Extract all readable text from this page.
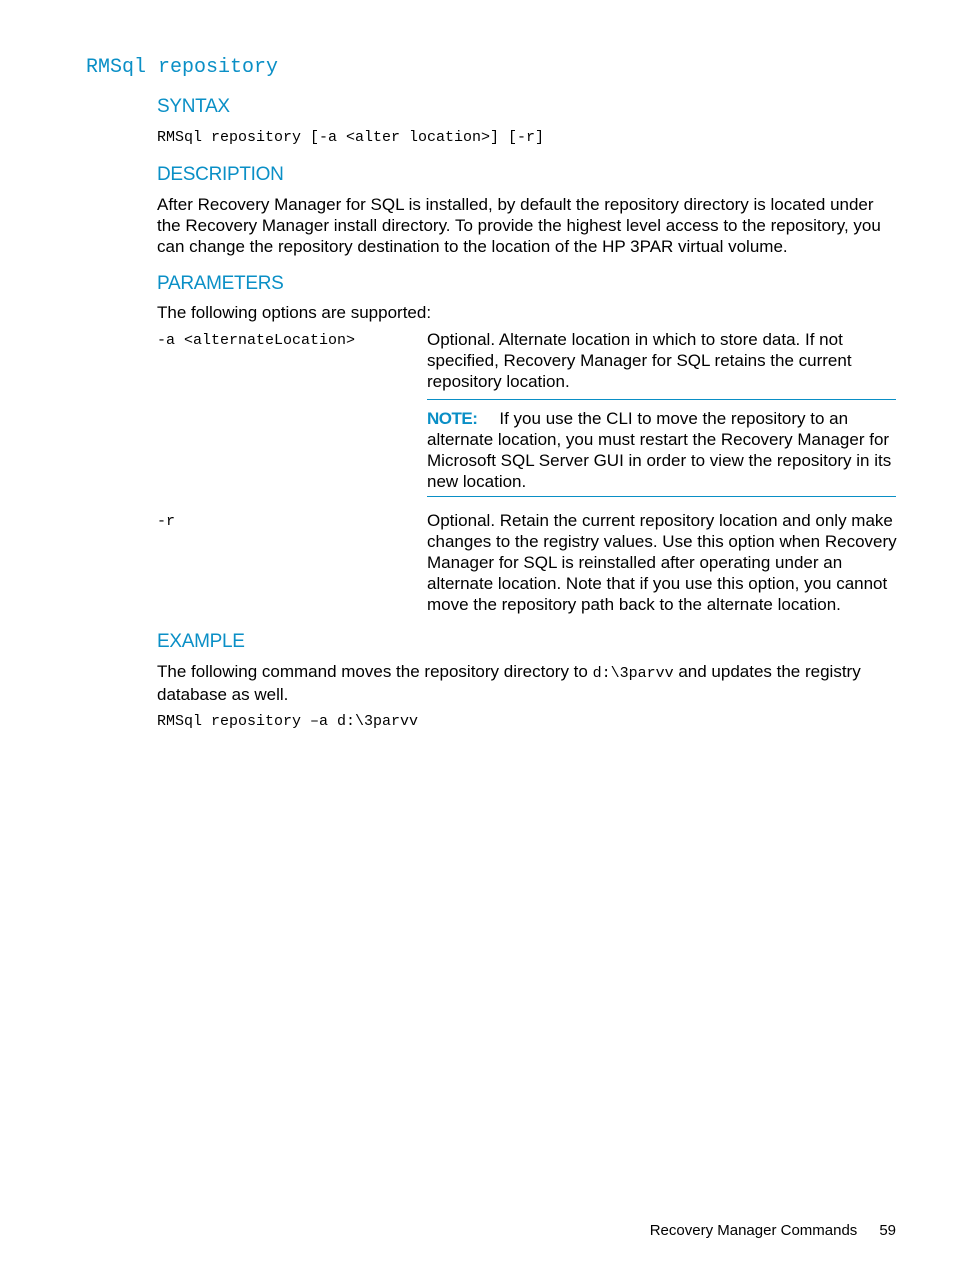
RMSql repository
SYNTAX
RMSql repository [-a <alter location>] [-r]
DESCRIPTION
After Recovery Manager for SQL is installed, by default the repository directory is located under
the Recovery Manager install directory. To provide the highest level access to the repository, you
can change the repository destination to the location of the HP 3PAR virtual volume.
PARAMETERS
The following options are supported:
-a <alternateLocation>	Optional. Alternate location in which to store data. If not
specified, Recovery Manager for SQL retains the current
repository location.
NOTE: If you use the CLI to move the repository to an
alternate location, you must restart the Recovery Manager for
Microsoft SQL Server GUI in order to view the repository in its
new location.
-r	Optional. Retain the current repository location and only make
changes to the registry values. Use this option when Recovery
Manager for SQL is reinstalled after operating under an
alternate location. Note that if you use this option, you cannot
move the repository path back to the alternate location.
EXAMPLE
The following command moves the repository directory to d:\3parvv and updates the registry
database as well.
RMSql repository –a d:\3parvv
Recovery Manager Commands 59
